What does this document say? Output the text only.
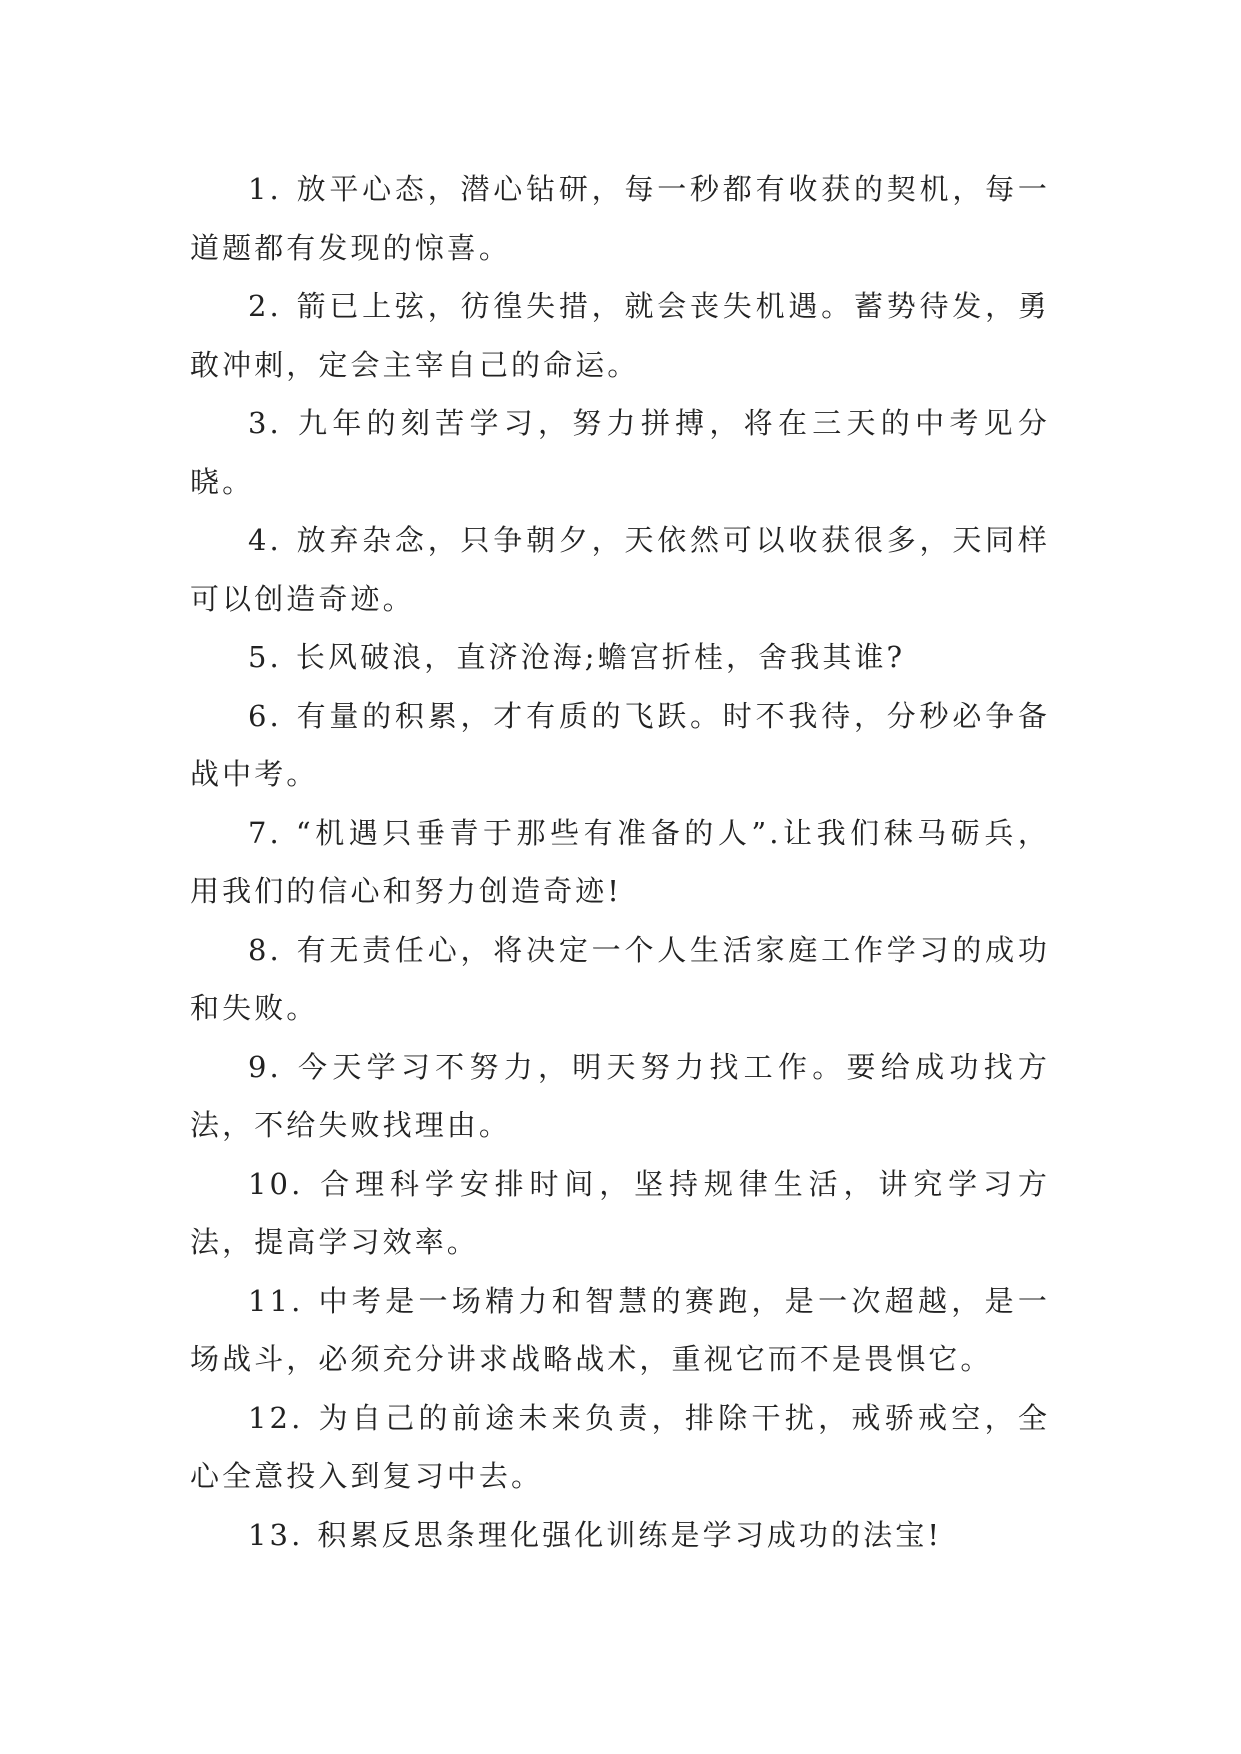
1. 放平心态，潜心钻研，每一秒都有收获的契机，每一道题都有发现的惊喜。

2. 箭已上弦，彷徨失措，就会丧失机遇。蓄势待发，勇敢冲刺，定会主宰自己的命运。

3. 九年的刻苦学习，努力拼搏，将在三天的中考见分晓。

4. 放弃杂念，只争朝夕，天依然可以收获很多，天同样可以创造奇迹。

5. 长风破浪，直济沧海;蟾宫折桂，舍我其谁?

6. 有量的积累，才有质的飞跃。时不我待，分秒必争备战中考。

7. “机遇只垂青于那些有准备的人”.让我们秣马砺兵，用我们的信心和努力创造奇迹!

8. 有无责任心，将决定一个人生活家庭工作学习的成功和失败。

9. 今天学习不努力，明天努力找工作。要给成功找方法，不给失败找理由。

10. 合理科学安排时间，坚持规律生活，讲究学习方法，提高学习效率。

11. 中考是一场精力和智慧的赛跑，是一次超越，是一场战斗，必须充分讲求战略战术，重视它而不是畏惧它。

12. 为自己的前途未来负责，排除干扰，戒骄戒空，全心全意投入到复习中去。

13. 积累反思条理化强化训练是学习成功的法宝!
